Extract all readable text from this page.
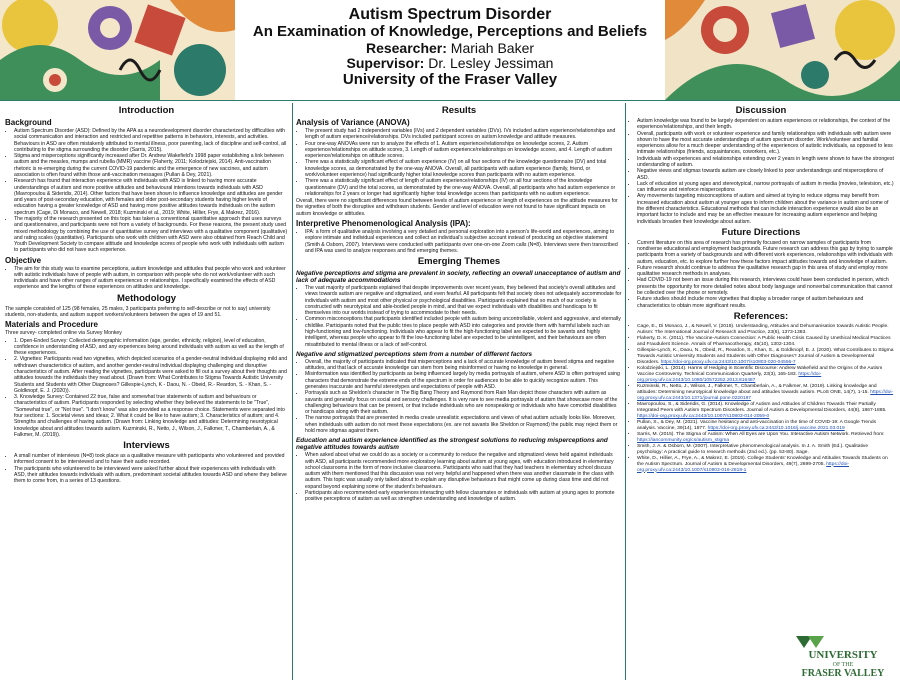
Autism Spectrum Disorder
An Examination of Knowledge, Perceptions and Beliefs
Researcher: Mariah Baker
Supervisor: Dr. Lesley Jessiman
University of the Fraser Valley
Introduction
Background
• Autism Spectrum Disorder (ASD): Defined by the APA as a neurodevelopment disorder characterized by difficulties with social communication and interaction and restricted and repetitive patterns in behaviors, interests, and activities. Behaviours in ASD are often mistakenly attributed to mental illness, poor parenting, lack of discipline and self-control, all contributing to the stigma surrounding the disorder (Sarris, 2015).
• Stigma and misperceptions significantly increased after Dr. Andrew Wakefield's 1998 paper establishing a link between autism and the measles, mumps and rubella (MMR) vaccine (Flaherty, 2011; Kolodziejski, 2014). Anti-vaccination rhetoric is re-emerging during the current COVID-19 pandemic and the emergence of new vaccines, and autism association is often found within those anti-vaccination messages (Pullan & Dey, 2021).
• Research has found that interaction experience with individuals with ASD is linked to having more accurate understandings of autism and more positive attitudes and behavioural intentions towards individuals with ASD (Mavropoulou & Sideridis, 2014). Other factors that have been shown to influence knowledge and attitudes are gender and years of post-secondary education, with females and older post-secondary students having higher levels of education having a greater knowledge of ASD and having more positive attitudes towards individuals on the autism spectrum (Cage, Di Monaco, and Newell, 2018; Kuzminski et al., 2019; White, Hillier, Frye, & Makrez, 2016).
• The majority of the research presented on this topic has taken a conventional quantitative approach that uses surveys and questionnaires, and participants were not from a variety of backgrounds. For these reasons, the present study used mixed methodology by combining the use of quantitative survey and interviews with a qualitative component (qualitative) and rating scales (quantitative). Participants who work with children with ASD were also obtained from Reach Child and Youth Development Society to compare attitude and knowledge scores of people who work with individuals with autism to participants who did not have such experience.
Objective
• The aim for this study was to examine perceptions, autism knowledge and attitudes that people who work and volunteer with autistic individuals have of people with autism, in comparison with people who do not work/volunteer with such individuals and have other ranges of autism experiences or relationships. I specifically examined the effects of ASD experience and the lengths of these experiences on attitudes and knowledge.
Methodology

The sample consisted of 125 (98 females, 25 males, 3 participants preferring to self-describe or not to say) university students, non-students, and autism support workers/volunteers between the ages of 19 and 51.

Materials and Procedure

Three survey- completed online via Survey Monkey

• 1. Open-Ended Survey: Collected demographic information (age, gender, ethnicity, religion), level of education, confidence in understanding of ASD, and any experiences being around individuals with autism as well as the length of these experiences.
• 2. Vignettes: Participants read two vignettes, which depicted scenarios of a gender-neutral individual displaying mild and withdrawn characteristics of autism, and another gender-neutral individual displaying challenging and disruptive characteristics of autism. After reading the vignettes, participants were asked to fill out a survey about their thoughts and attitudes towards the individuals they read about. (Drawn from: What Contributes to Stigma Towards Autistic University Students and Students with Other Diagnoses? Gillespie-Lynch, K - Daou, N. - Obeid, R.- Reardon, S. - Khan, S. - Goldknopf, E. J. (2020)).
• 3. Knowledge Survey: Contained 22 true, false and somewhat true statements of autism and behaviours or characteristics of autism. Participants responded by selecting whether they believed the statements to be "True", "Somewhat true", or "Not true". "I don't know" was also provided as a response choice. Statements were separated into four sections: 1. Societal views and ideas; 2. What it could be like to have autism; 3. Characteristics of autism; and 4. Strengths and challenges of having autism. (Drawn from: Linking knowledge and attitudes: Determining neurotypical knowledge about and attitudes towards autism. Kuzminski, R., Netto, J., Wilson, J., Falkmer, T., Chamberlain, A., & Falkmer, M. (2019)).
Interviews
• A small number of interviews (N=8) took place as a qualitative measure with participants who volunteered and provided informed consent to be interviewed and to have their audio recorded.
• The participants who volunteered to be interviewed were asked further about their experiences with individuals with ASD, their attitudes towards individuals with autism, predominant societal attitudes towards ASD and where they believe them to come from, in a series of 13 questions.
Results
Analysis of Variance (ANOVA)
• The present study had 2 independent variables (IVs) and 2 dependent variables (DVs). IVs included autism experience/relationships and length of autism experience/relationships. DVs included participant scores on autism knowledge and attitude measures.
• Four one-way ANOVAs were run to analyze the effects of 1. Autism experience/relationships on knowledge scores, 2. Autism experience/relationships on attitude scores, 3. Length of autism experience/relationships on knowledge scores, and 4. Length of autism experience/relationships on attitude scores.
• There was a statistically significant effect of autism experience (IV) on all four sections of the knowledge questionnaire (DV) and total knowledge scores, as demonstrated by the one-way ANOVA. Overall, all participants with autism experience (family, friend, or work/volunteer experience) had significantly higher total knowledge scores than participants with no autism experience.
• There was a statistically significant effect of length of autism experience/relationships (IV) on all four sections of the knowledge questionnaire (DV) and the total scores, as demonstrated by the one-way ANOVA. Overall, all participants who had autism experience or relationships for 2 years or longer had significantly higher total knowledge scores than participants with no autism experience.

Overall, there were no significant differences found between levels of autism experience or length of experiences on the attitude measures for the vignettes of both the disruptive and withdrawn students. Gender and level of education were not found to have significant impacts on autism knowledge or attitudes.

Interpretive Phenomenological Analysis (IPA):
• IPA: a form of qualitative analysis involving a very detailed and personal exploration into a person's life-world and experiences, aiming to explore intimate and individual experiences and collect an individual's subjective account instead of producing an objective statement (Smith & Osborn, 2007). Interviews were conducted with participants over one-on-one Zoom calls (N=8). Interviews were then transcribed and IPA was used to analyze responses and find emerging themes.
Emerging Themes
Negative perceptions and stigma are prevalent in society, reflecting an overall unacceptance of autism and lack of adequate accommodations
• The vast majority of participants explained that despite improvements over recent years, they believed that society's overall attitudes and views towards autism are negative and stigmatized, and even fearful. All participants felt that society does not adequately accommodate for individuals with autism and most other physical or psychological disabilities. Participants explained that so much of our society is constructed with neurotypical and able-bodied people in mind, and that we expect individuals with disabilities and handicaps to fit themselves into our worlds instead of trying to accommodate to their needs.
• Common misconceptions that participants identified included people with autism being uncontrollable, violent and aggressive, and eternally childlike. Participants noted that the public tries to place people with ASD into categories and provide them with harmful labels such as high-functioning and low-functioning. Individuals who appear to fit the high-functioning label are expected to be savants and highly intelligent, whereas people who appear to fit the low-functioning label are expected to be unintelligent, and their behaviours are often misattributed to mental illness or a lack of self-control.
Negative and stigmatized perceptions stem from a number of different factors
• Overall, the majority of participants indicated that misperceptions and a lack of accurate knowledge of autism breed stigma and negative attitudes, and that lack of accurate knowledge can stem from being misinformed or having no knowledge in general.
• Misinformation was identified by participants as being influenced largely by media portrayals of autism, where ASD is often portrayed using characters that demonstrate the extreme ends of the spectrum in order for audiences to be able to quickly recognize autism. This generates inaccurate and harmful stereotypes and expectations of people with ASD.
• Portrayals such as Sheldon's character in The Big Bang Theory and Raymond from Rain Man depict those characters with autism as savants and generally focus on social and sensory challenges. It is very rare to see media portrayals of autism that showcase more of the challenging behaviours that can be present, or that include individuals who are nonspeaking or individuals who have comorbid disabilities or handicaps along with their autism.
• The narrow portrayals that are presented in media create unrealistic expectations and views of what autism actually looks like. Moreover, when individuals with autism do not meet these expectations (ex. are not savants like Sheldon or Raymond) the public may reject them or hold more stigmas against them.
Education and autism experience identified as the strongest solutions to reducing misperceptions and negative attitudes towards autism
• When asked about what we could do as a society or a community to reduce the negative and stigmatized views held against individuals with ASD, all participants recommended more exploratory learning about autism at young ages, with education introduced in elementary school classrooms in the form of more inclusive classrooms. Participants who said that they had teachers in elementary school discuss autism with them mentioned that this discussion was not very helpful and happened when there was another classmate in the class with autism. This topic was usually only talked about to explain any disruptive behaviours that might come up during class time and did not expand beyond explaining some of the student's behaviours.
• Participants also recommended early experiences interacting with fellow classmates or individuals with autism at young ages to promote positive perceptions of autism as well as strengthen understanding and knowledge of autism.
Discussion
• Autism knowledge was found to be largely dependent on autism experiences or relationships, the context of the experience/relationships, and their length.
• Overall, participants with work or volunteer experience and family relationships with individuals with autism were shown to have the most accurate understandings of autism spectrum disorder. Work/volunteer and familial experiences allow for a much deeper understanding of the experiences of autistic individuals, as opposed to less intimate relationships (friends, acquaintances, coworkers, etc.).
• Individuals with experiences and relationships extending over 2 years in length were shown to have the strongest understanding of autism.
• Negative views and stigmas towards autism are closely linked to poor understandings and misperceptions of ASD.
• Lack of education at young ages and stereotypical, narrow portrayals of autism in media (movies, television, etc.) can influence and reinforce misperceptions
• Any movements targeting misconceptions of autism and aimed at trying to reduce stigma may benefit from increased education about autism at younger ages to inform children about the variance in autism and some of the different characteristics. Educational methods that can include interaction experience would also be an important factor to include and may be an effective measure for increasing autism experience and helping individuals broaden their knowledge about autism.
Future Directions
• Current literature on this area of research has primarily focused on narrow samples of participants from nondiverse educational and employment backgrounds. Future research can address this gap by trying to sample participants from a variety of backgrounds and with different work experiences, relationships with individuals with autism, education, etc. to explore further how these factors impact attitudes towards and knowledge of autism.
• Future research should continue to address the qualitative research gap in this area of study and employ more qualitative research methods in analyses.
• Had COVID-19 not been an issue during this research, interviews could have been conducted in person, which presents the opportunity for more detailed notes about body language and nonverbal communication that cannot be collected over the phone or remotely.
• Future studies should include more vignettes that display a broader range of autism behaviours and characteristics to obtain more significant results.
References:
• Cage, E., Di Monaco, J., & Newell, V. (2019). Understanding, Attitudes and Dehumanisation towards Autistic People. Autism: The International Journal of Research and Practice, 23(6), 1373-1383.
• Flaherty, D. K. (2011). The Vaccine-Autism Connection: A Public Health Crisis Caused by Unethical Medical Practices and Fraudulent Science. Annals of Pharmacotherapy, 45(10), 1302-1304.
• Gillespie-Lynch, K., Daou, N., Obeid, R., Reardon, S., Khan, S., & Goldknopf, E. J. (2020). What Contributes to Stigma Towards Autistic University Students and Students with Other Diagnoses? Journal of Autism & Developmental Disorders. https://doi-org.proxy.ufv.ca:2443/10.1007/s10803-020-04556-7
• Kolodziejski, L. (2014). Harms of Hedging in Scientific Discourse: Andrew Wakefield and the Origins of the Autism Vaccine Controversy. Technical Communication Quarterly, 23(3), 165-183. https://doi-org.proxy.ufv.ca:2443/10.1080/10572252.2013.816487
• Kuzminski, R., Netto, J., Wilson, J., Falkmer, T., Chamberlain, A., & Falkmer, M. (2019). Linking knowledge and attitudes: Determining neurotypical knowledge about and attitudes towards autism. PLoS ONE, 14(7), 1-15. https://doi-org.proxy.ufv.ca:2443/10.1371/journal.pone.0220197
• Mavropoulou, S., & Sideridis, G. (2014). Knowledge of Autism and Attitudes of Children Towards Their Partially Integrated Peers with Autism Spectrum Disorders. Journal of Autism & Developmental Disorders, 44(8), 1867-1885. https://doi-org.proxy.ufv.ca:2443/10.1007/s10803-014-2059-0
• Pullan, S., & Dey, M. (2021). Vaccine hesitancy and anti-vaccination in the time of COVID-19: A Google Trends analysis. Vaccine, 39(14), 1877. https://doi-org.proxy.ufv.ca:2443/10.1016/j.vaccine.2021.03.019
• Sarris, M. (2015). The Stigma of Autism: When All Eyes are Upon You. Interactive Autism Network. Retrieved from: https://iancommunity.org/cs/autism_stigma
• Smith, J. A. & Osborn, M. (2007). Interpretative phenomenological analysis. In J. A. Smith (Ed.). Qualitative psychology: A practical guide to research methods (2nd ed.). (pp. 53-80). Sage.
• White, D., Hillier, A., Frye, A., & Makrez, E. (2019). College Students' Knowledge and Attitudes Towards Students on the Autism Spectrum. Journal of Autism & Developmental Disorders, 49(7), 2699-2705. https://doi-org.proxy.ufv.ca:2443/10.1007/s10803-016-2818-1
UNIVERSITY
OF THE
FRASER VALLEY
